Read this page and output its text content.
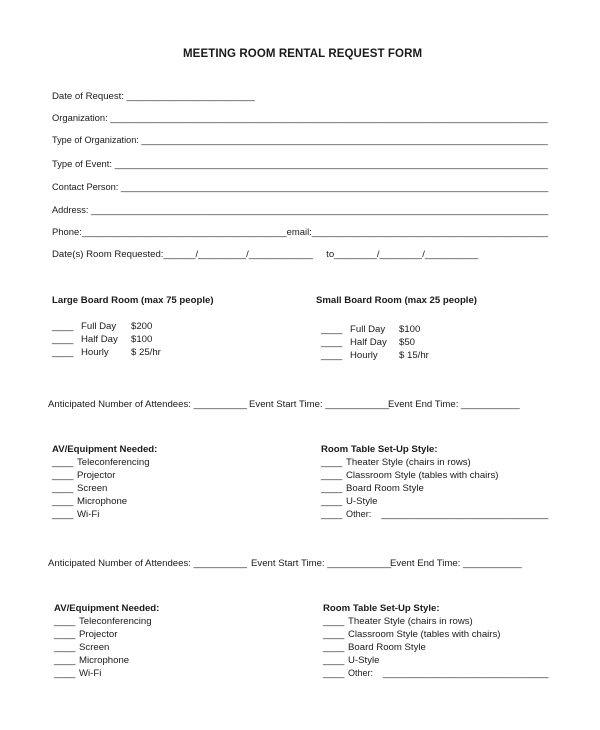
MEETING ROOM RENTAL REQUEST FORM
Date of Request: ________________________
Organization: ____________________________________________________________________________________
Type of Organization: ________________________________________________________________________________
Type of Event: ___________________________________________________________________________________
Contact Person: ___________________________________________________________________________________
Address: _________________________________________________________________________________________
Phone:_______________________________________email:_____________________________________________
Date(s) Room Requested:______/_________/____________     to________/________/__________
Large Board Room (max 75 people)
____ Full Day $200
____ Half Day $100
____ Hourly $ 25/hr
Small Board Room (max 25 people)
____ Full Day $100
____ Half Day $50
____ Hourly $ 15/hr
Anticipated Number of Attendees: __________ Event Start Time: ____________
Event End Time: ___________
AV/Equipment Needed:
____ Teleconferencing
____ Projector
____ Screen
____ Microphone
____ Wi-Fi
Room Table Set-Up Style:
____ Theater Style (chairs in rows)
____ Classroom Style (tables with chairs)
____ Board Room Style
____ U-Style
____ Other:    _________________________________
Anticipated Number of Attendees: __________ Event Start Time: ____________
Event End Time: ___________
AV/Equipment Needed:
____ Teleconferencing
____ Projector
____ Screen
____ Microphone
____ Wi-Fi
Room Table Set-Up Style:
____ Theater Style (chairs in rows)
____ Classroom Style (tables with chairs)
____ Board Room Style
____ U-Style
____ Other:    _________________________________
